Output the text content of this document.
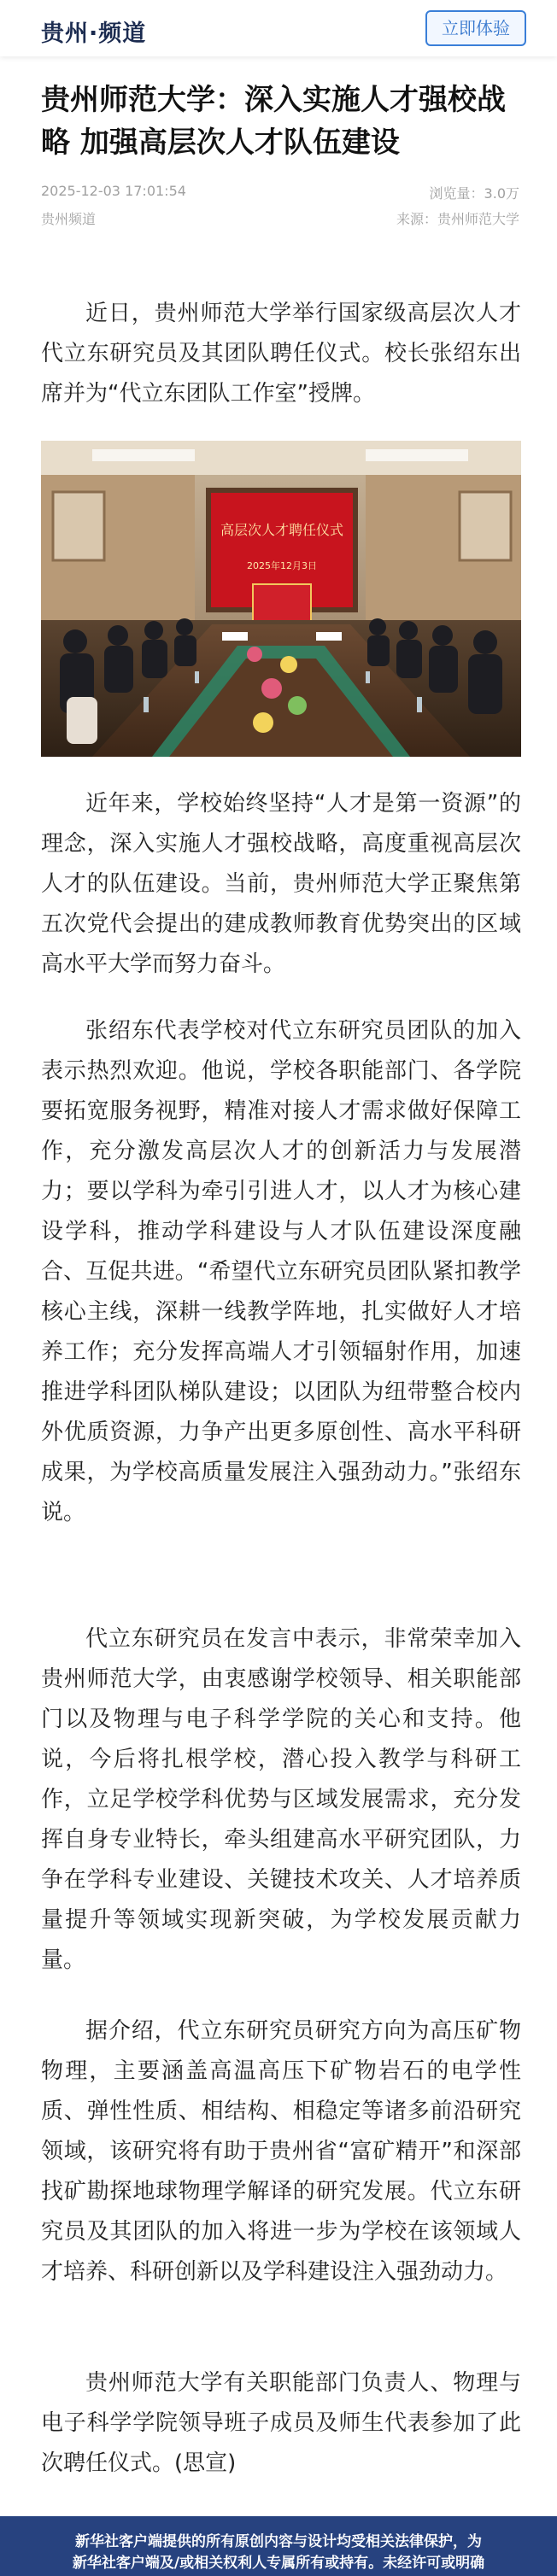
贵州·频道	立即体验
贵州师范大学：深入实施人才强校战略 加强高层次人才队伍建设
2025-12-03 17:01:54	浏览量：3.0万
贵州频道	来源：贵州师范大学

近日，贵州师范大学举行国家级高层次人才代立东研究员及其团队聘任仪式。校长张绍东出席并为“代立东团队工作室”授牌。

高层次人才聘任仪式
2025年12月3日

近年来，学校始终坚持“人才是第一资源”的理念，深入实施人才强校战略，高度重视高层次人才的队伍建设。当前，贵州师范大学正聚焦第五次党代会提出的建成教师教育优势突出的区域高水平大学而努力奋斗。

张绍东代表学校对代立东研究员团队的加入表示热烈欢迎。他说，学校各职能部门、各学院要拓宽服务视野，精准对接人才需求做好保障工作，充分激发高层次人才的创新活力与发展潜力；要以学科为牵引引进人才，以人才为核心建设学科，推动学科建设与人才队伍建设深度融合、互促共进。“希望代立东研究员团队紧扣教学核心主线，深耕一线教学阵地，扎实做好人才培养工作；充分发挥高端人才引领辐射作用，加速推进学科团队梯队建设；以团队为纽带整合校内外优质资源，力争产出更多原创性、高水平科研成果，为学校高质量发展注入强劲动力。”张绍东说。

代立东研究员在发言中表示，非常荣幸加入贵州师范大学，由衷感谢学校领导、相关职能部门以及物理与电子科学学院的关心和支持。他说，今后将扎根学校，潜心投入教学与科研工作，立足学校学科优势与区域发展需求，充分发挥自身专业特长，牵头组建高水平研究团队，力争在学科专业建设、关键技术攻关、人才培养质量提升等领域实现新突破，为学校发展贡献力量。

据介绍，代立东研究员研究方向为高压矿物物理，主要涵盖高温高压下矿物岩石的电学性质、弹性性质、相结构、相稳定等诸多前沿研究领域，该研究将有助于贵州省“富矿精开”和深部找矿勘探地球物理学解译的研究发展。代立东研究员及其团队的加入将进一步为学校在该领域人才培养、科研创新以及学科建设注入强劲动力。

贵州师范大学有关职能部门负责人、物理与电子科学学院领导班子成员及师生代表参加了此次聘任仪式。(思宣)

新华社客户端提供的所有原创内容与设计均受相关法律保护，为
新华社客户端及/或相关权利人专属所有或持有。未经许可或明确
